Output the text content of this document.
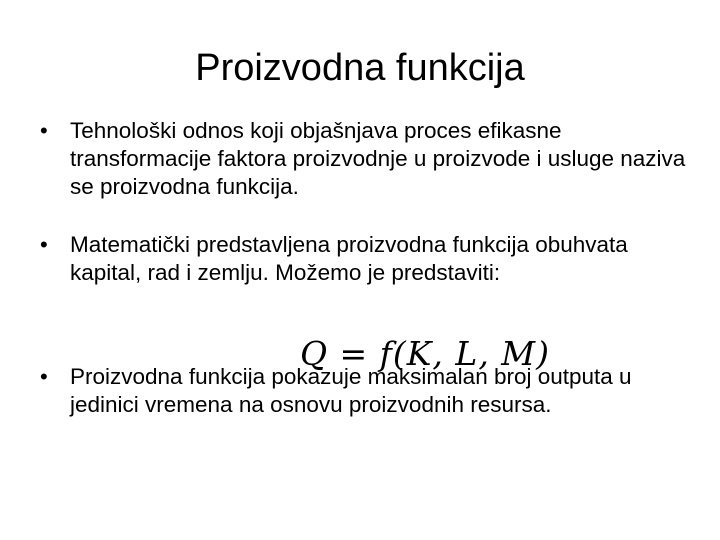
Proizvodna funkcija
• Tehnološki odnos koji objašnjava proces efikasne transformacije faktora proizvodnje u proizvode i usluge naziva se proizvodna funkcija.
• Matematički predstavljena proizvodna funkcija obuhvata kapital, rad i zemlju. Možemo je predstaviti:
• Proizvodna funkcija pokazuje maksimalan broj outputa u jedinici vremena na osnovu proizvodnih resursa.
Q = f(K, L, M)
